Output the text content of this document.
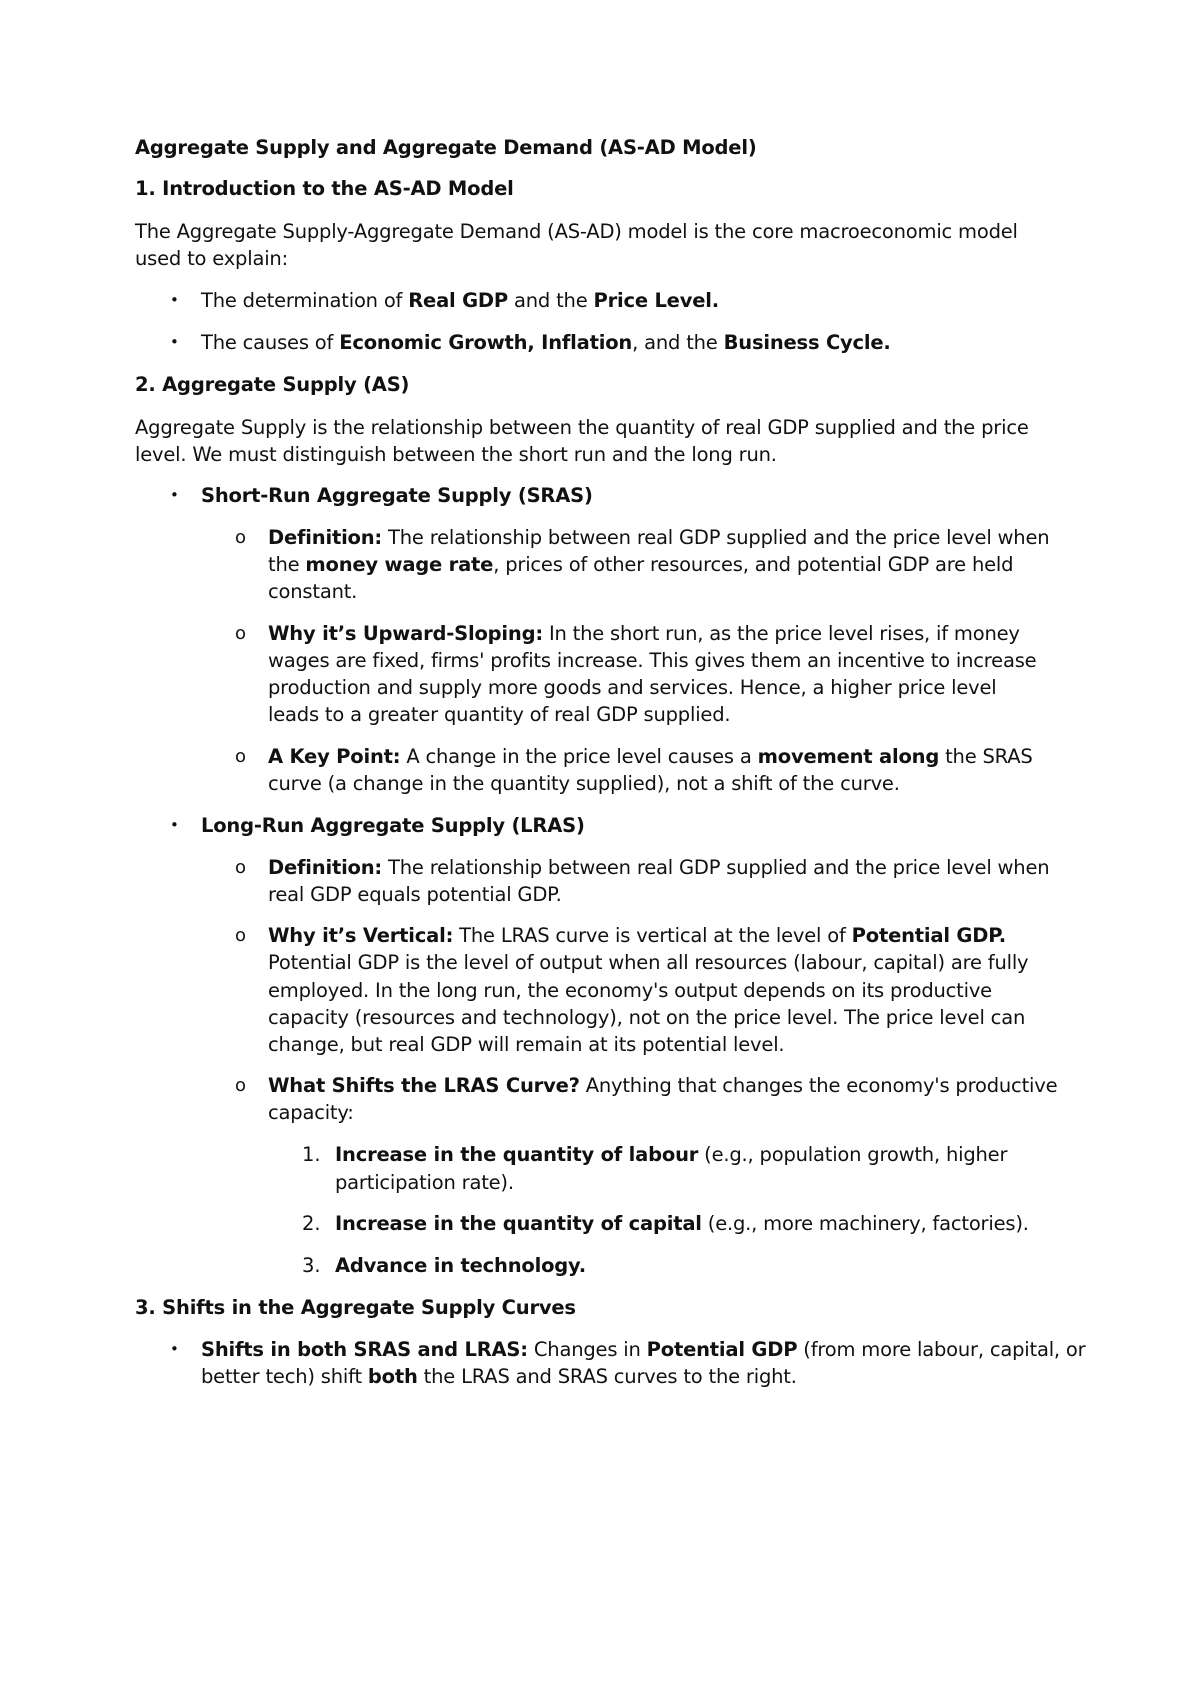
Aggregate Supply and Aggregate Demand (AS-AD Model)
1. Introduction to the AS-AD Model
The Aggregate Supply-Aggregate Demand (AS-AD) model is the core macroeconomic model
used to explain:
• The determination of Real GDP and the Price Level.
• The causes of Economic Growth, Inflation, and the Business Cycle.
2. Aggregate Supply (AS)
Aggregate Supply is the relationship between the quantity of real GDP supplied and the price
level. We must distinguish between the short run and the long run.
• Short-Run Aggregate Supply (SRAS)
o Definition: The relationship between real GDP supplied and the price level when
the money wage rate, prices of other resources, and potential GDP are held
constant.
o Why it’s Upward-Sloping: In the short run, as the price level rises, if money
wages are fixed, firms' profits increase. This gives them an incentive to increase
production and supply more goods and services. Hence, a higher price level
leads to a greater quantity of real GDP supplied.
o A Key Point: A change in the price level causes a movement along the SRAS
curve (a change in the quantity supplied), not a shift of the curve.
• Long-Run Aggregate Supply (LRAS)
o Definition: The relationship between real GDP supplied and the price level when
real GDP equals potential GDP.
o Why it’s Vertical: The LRAS curve is vertical at the level of Potential GDP.
Potential GDP is the level of output when all resources (labour, capital) are fully
employed. In the long run, the economy's output depends on its productive
capacity (resources and technology), not on the price level. The price level can
change, but real GDP will remain at its potential level.
o What Shifts the LRAS Curve? Anything that changes the economy's productive
capacity:
1. Increase in the quantity of labour (e.g., population growth, higher
participation rate).
2. Increase in the quantity of capital (e.g., more machinery, factories).
3. Advance in technology.
3. Shifts in the Aggregate Supply Curves
• Shifts in both SRAS and LRAS: Changes in Potential GDP (from more labour, capital, or
better tech) shift both the LRAS and SRAS curves to the right.
